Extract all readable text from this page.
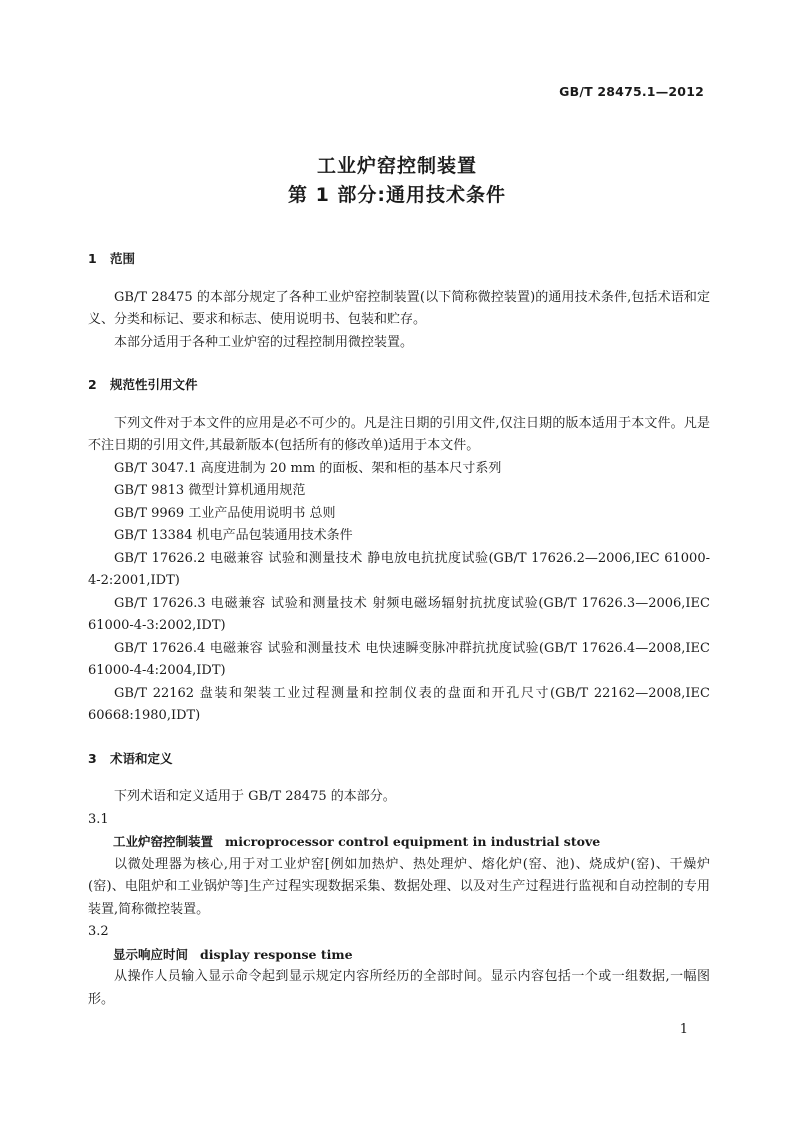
GB/T 28475.1—2012
工业炉窑控制装置
第 1 部分:通用技术条件

1 范围

GB/T 28475 的本部分规定了各种工业炉窑控制装置(以下简称微控装置)的通用技术条件,包括术语和定义、分类和标记、要求和标志、使用说明书、包装和贮存。

本部分适用于各种工业炉窑的过程控制用微控装置。

2 规范性引用文件

下列文件对于本文件的应用是必不可少的。凡是注日期的引用文件,仅注日期的版本适用于本文件。凡是不注日期的引用文件,其最新版本(包括所有的修改单)适用于本文件。

GB/T 3047.1 高度进制为 20 mm 的面板、架和柜的基本尺寸系列

GB/T 9813 微型计算机通用规范

GB/T 9969 工业产品使用说明书 总则

GB/T 13384 机电产品包装通用技术条件

GB/T 17626.2 电磁兼容 试验和测量技术 静电放电抗扰度试验(GB/T 17626.2—2006,IEC 61000-4-2:2001,IDT)

GB/T 17626.3 电磁兼容 试验和测量技术 射频电磁场辐射抗扰度试验(GB/T 17626.3—2006,IEC 61000-4-3:2002,IDT)

GB/T 17626.4 电磁兼容 试验和测量技术 电快速瞬变脉冲群抗扰度试验(GB/T 17626.4—2008,IEC 61000-4-4:2004,IDT)

GB/T 22162 盘装和架装工业过程测量和控制仪表的盘面和开孔尺寸(GB/T 22162—2008,IEC 60668:1980,IDT)

3 术语和定义

下列术语和定义适用于 GB/T 28475 的本部分。

3.1

工业炉窑控制装置 microprocessor control equipment in industrial stove

以微处理器为核心,用于对工业炉窑[例如加热炉、热处理炉、熔化炉(窑、池)、烧成炉(窑)、干燥炉(窑)、电阻炉和工业锅炉等]生产过程实现数据采集、数据处理、以及对生产过程进行监视和自动控制的专用装置,简称微控装置。

3.2

显示响应时间 display response time

从操作人员输入显示命令起到显示规定内容所经历的全部时间。显示内容包括一个或一组数据,一幅图形。

1
